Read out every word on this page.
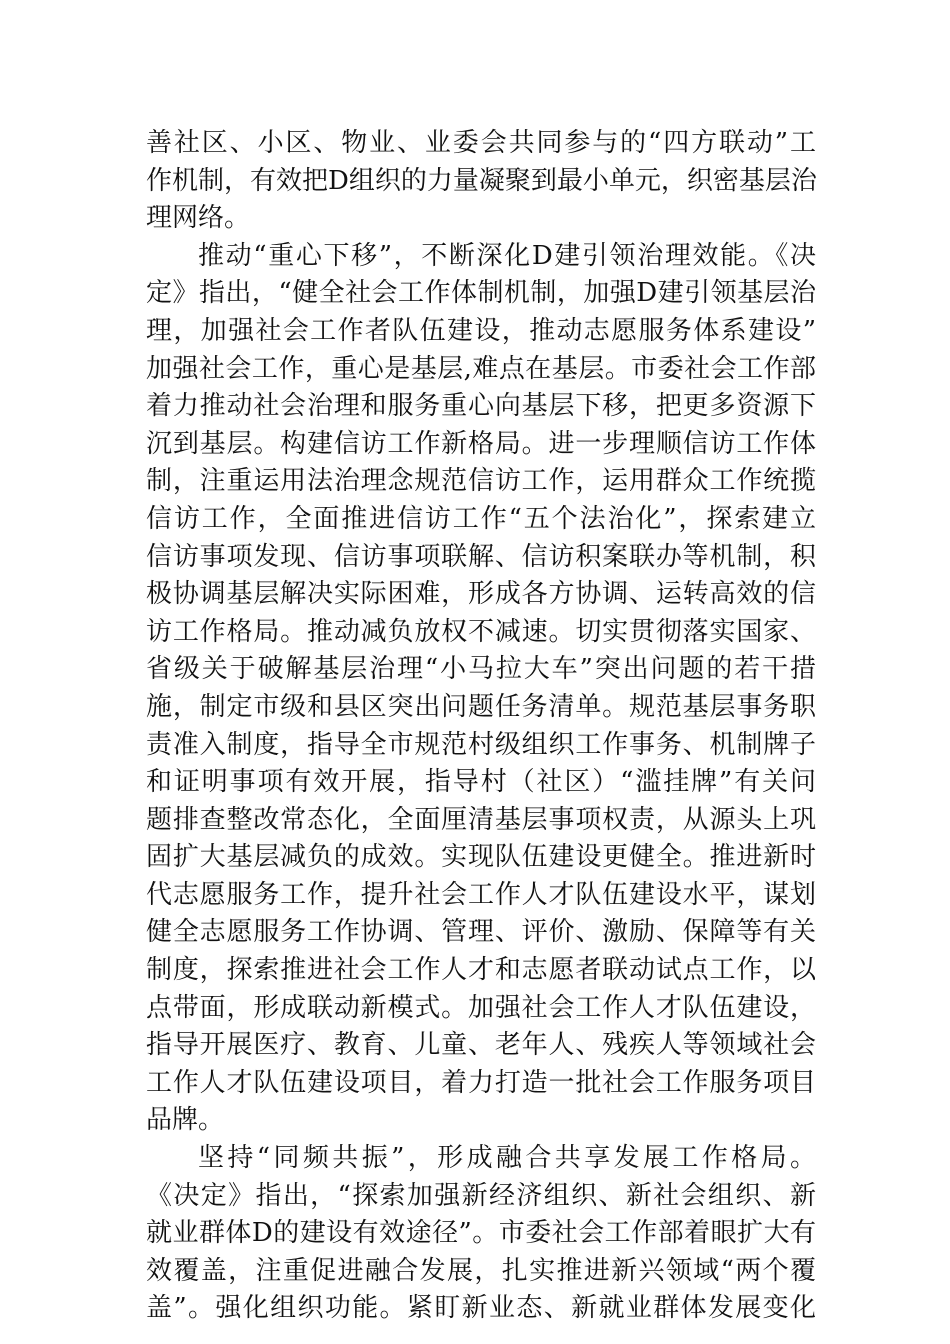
善社区、小区、物业、业委会共同参与的“四方联动”工
作机制，有效把D组织的力量凝聚到最小单元，织密基层治
理网络。
推动“重心下移”，不断深化D建引领治理效能。《决
定》指出，“健全社会工作体制机制，加强D建引领基层治
理，加强社会工作者队伍建设，推动志愿服务体系建设”
加强社会工作，重心是基层,难点在基层。市委社会工作部
着力推动社会治理和服务重心向基层下移，把更多资源下
沉到基层。构建信访工作新格局。进一步理顺信访工作体
制，注重运用法治理念规范信访工作，运用群众工作统揽
信访工作，全面推进信访工作“五个法治化”，探索建立
信访事项发现、信访事项联解、信访积案联办等机制，积
极协调基层解决实际困难，形成各方协调、运转高效的信
访工作格局。推动减负放权不减速。切实贯彻落实国家、
省级关于破解基层治理“小马拉大车”突出问题的若干措
施，制定市级和县区突出问题任务清单。规范基层事务职
责准入制度，指导全市规范村级组织工作事务、机制牌子
和证明事项有效开展，指导村（社区）“滥挂牌”有关问
题排查整改常态化，全面厘清基层事项权责，从源头上巩
固扩大基层减负的成效。实现队伍建设更健全。推进新时
代志愿服务工作，提升社会工作人才队伍建设水平，谋划
健全志愿服务工作协调、管理、评价、激励、保障等有关
制度，探索推进社会工作人才和志愿者联动试点工作，以
点带面，形成联动新模式。加强社会工作人才队伍建设，
指导开展医疗、教育、儿童、老年人、残疾人等领域社会
工作人才队伍建设项目，着力打造一批社会工作服务项目
品牌。
坚持“同频共振”，形成融合共享发展工作格局。
《决定》指出，“探索加强新经济组织、新社会组织、新
就业群体D的建设有效途径”。市委社会工作部着眼扩大有
效覆盖，注重促进融合发展，扎实推进新兴领域“两个覆
盖”。强化组织功能。紧盯新业态、新就业群体发展变化
